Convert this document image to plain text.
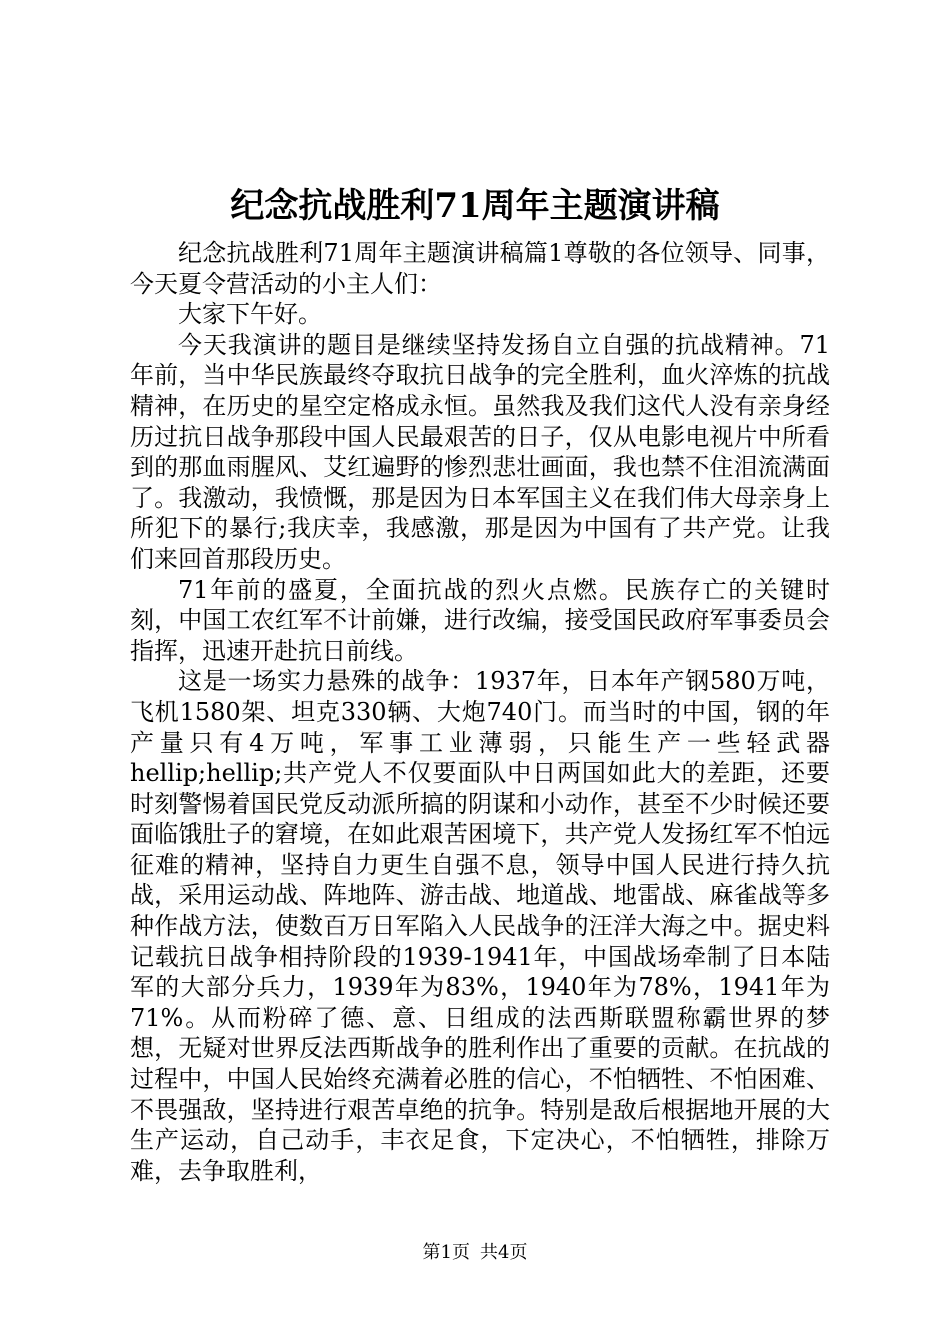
纪念抗战胜利71周年主题演讲稿

纪念抗战胜利71周年主题演讲稿篇1尊敬的各位领导、同事，今天夏令营活动的小主人们：

大家下午好。

今天我演讲的题目是继续坚持发扬自立自强的抗战精神。71年前，当中华民族最终夺取抗日战争的完全胜利，血火淬炼的抗战精神，在历史的星空定格成永恒。虽然我及我们这代人没有亲身经历过抗日战争那段中国人民最艰苦的日子，仅从电影电视片中所看到的那血雨腥风、艾红遍野的惨烈悲壮画面，我也禁不住泪流满面了。我激动，我愤慨，那是因为日本军国主义在我们伟大母亲身上所犯下的暴行;我庆幸，我感激，那是因为中国有了共产党。让我们来回首那段历史。

71年前的盛夏，全面抗战的烈火点燃。民族存亡的关键时刻，中国工农红军不计前嫌，进行改编，接受国民政府军事委员会指挥，迅速开赴抗日前线。

这是一场实力悬殊的战争：1937年，日本年产钢580万吨，飞机1580架、坦克330辆、大炮740门。而当时的中国，钢的年产量只有4万吨，军事工业薄弱，只能生产一些轻武器hellip;hellip;共产党人不仅要面队中日两国如此大的差距，还要时刻警惕着国民党反动派所搞的阴谋和小动作，甚至不少时候还要面临饿肚子的窘境，在如此艰苦困境下，共产党人发扬红军不怕远征难的精神，坚持自力更生自强不息，领导中国人民进行持久抗战，采用运动战、阵地阵、游击战、地道战、地雷战、麻雀战等多种作战方法，使数百万日军陷入人民战争的汪洋大海之中。据史料记载抗日战争相持阶段的1939-1941年，中国战场牵制了日本陆军的大部分兵力，1939年为83%，1940年为78%，1941年为71%。从而粉碎了德、意、日组成的法西斯联盟称霸世界的梦想，无疑对世界反法西斯战争的胜利作出了重要的贡献。在抗战的过程中，中国人民始终充满着必胜的信心，不怕牺牲、不怕困难、不畏强敌，坚持进行艰苦卓绝的抗争。特别是敌后根据地开展的大生产运动，自己动手，丰衣足食，下定决心，不怕牺牲，排除万难，去争取胜利，

第1页 共4页
